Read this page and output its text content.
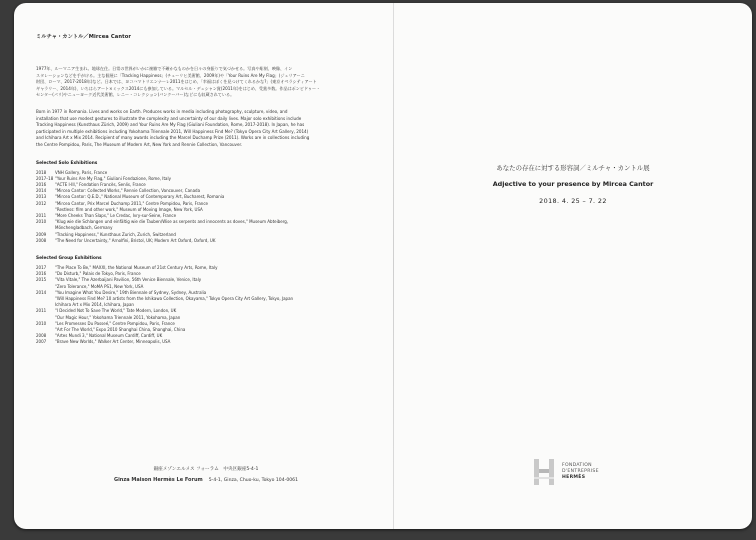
ミルチャ・カントル／Mircea Cantor
1977年、ルーマニア生まれ。地球在住。日常の世界がいかに複雑で不確かなものかを日々の身振りで気づかせる。写真や彫刻、映像、イン
スタレーションなどを手がける。主な個展に「Tracking Happiness」(チューリヒ美術館、2009年)や「Your Ruins Are My Flag」(ジュリアーニ
財団、ローマ、2017-2018年)など。日本では、ヨコハマトリエンナーレ2011をはじめ、「幸福はぼくを見つけてくれるかな?」(東京オペラシティアート
ギャラリー、2014年)、いちはらアート×ミックス2014にも参加している。マルセル・デュシャン賞(2011年)をはじめ、受賞多数。作品はポンピドゥー・
センター(パリ)やニューヨーク近代美術館、レニー・コレクション(バンクーバー)などにも収蔵されている。
Born in 1977 in Romania. Lives and works on Earth. Produces works in media including photography, sculpture, video, and
installation that use modest gestures to illustrate the complexity and uncertainty of our daily lives. Major solo exhibitions include
Tracking Happiness (Kunsthaus Zürich, 2009) and Your Ruins Are My Flag (Giuliani Foundation, Rome, 2017-2018). In Japan, he has
participated in multiple exhibitions including Yokohama Triennale 2011, Will Happiness Find Me? (Tokyo Opera City Art Gallery, 2014)
and Ichihara Art x Mix 2014. Recipient of many awards including the Marcel Duchamp Prize (2011). Works are in collections including
the Centre Pompidou, Paris, The Museum of Modern Art, New York and Rennie Collection, Vancouver.
Selected Solo Exhibitions
2018	VNH Gallery, Paris, France
2017–18 "Your Ruins Are My Flag," Giuliani Fondazione, Rome, Italy
2016	"ACTE I-III," Fondation Francès, Senlis, France
2014	"Mircea Cantor: Collected Works," Rennie Collection, Vancouver, Canada
2013	"Mircea Cantor: Q.E.D.," National Museum of Contemporary Art, Bucharest, Romania
2012	"Mircea Cantor, Prix Marcel Duchamp 2011," Centre Pompidou, Paris, France
"Restless: film and other work," Museum of Moving Image, New York, USA
2011	"More Cheeks Than Slaps," Le Credac, Ivry-sur-Seine, France
2010	"Klug wie die Schlangen und einfältig wie die Tauben/Wise as serpents and innocents as doves," Museum Abteiberg,
Mönchengladbach, Germany
2009	"Tracking Happiness," Kunsthaus Zurich, Zurich, Switzerland
2008	"The Need for Uncertainty," Arnolfini, Bristol, UK; Modern Art Oxford, Oxford, UK
Selected Group Exhibitions
2017	"The Place To Be," MAXXI, the National Museum of 21st Century Arts, Rome, Italy
2016	"Do Disturb," Palais de Tokyo, Paris, France
2015	"Vita Vitale," The Azerbaijani Pavilion, 56th Venice Biennale, Venice, Italy
"Zero Tolerance," MoMA PS1, New York, USA
2014	"You Imagine What You Desire," 19th Biennale of Sydney, Sydney, Australia
"Will Happiness Find Me? 10 artists from the Ishikawa Collection, Okayama," Tokyo Opera City Art Gallery, Tokyo, Japan
Ichihara Art x Mix 2014, Ichihara, Japan
2011	"I Decided Not To Save The World," Tate Modern, London, UK
"Our Magic Hour," Yokohama Triennale 2011, Yokohama, Japan
2010	"Les Promesses Du Passeé," Centre Pompidou, Paris, France
"Art For The World," Expo 2010 Shanghai China, Shanghai, China
2008	"Artes Mundi 3," National Museum Cardiff, Cardiff, UK
2007	"Brave New Worlds," Walker Art Center, Minneapolis, USA
銀座メゾンエルメス フォーラム　中央区銀座5-4-1
Ginza Maison Hermès Le Forum 5-4-1, Ginza, Chuo-ku, Tokyo 104-0061
あなたの存在に対する形容詞／ミルチャ・カントル展
Adjective to your presence by Mircea Cantor
2018. 4. 25 – 7. 22
FONDATION
D'ENTREPRISE
HERMÈS
